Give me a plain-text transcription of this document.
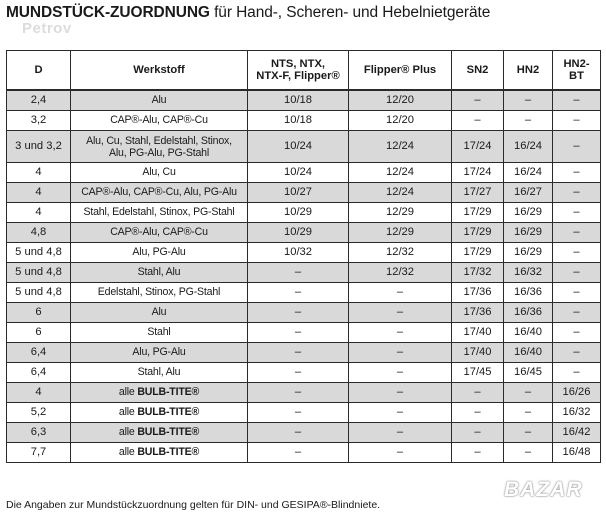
MUNDSTÜCK-ZUORDNUNG für Hand-, Scheren- und Hebelnietgeräte
Petrov
D	Werkstoff	NTS, NTX,
NTX-F, Flipper®	Flipper® Plus	SN2	HN2	HN2-
BT
2,4	Alu	10/18	12/20	–	–	–
3,2	CAP®-Alu, CAP®-Cu	10/18	12/20	–	–	–
3 und 3,2	Alu, Cu, Stahl, Edelstahl, Stinox,
Alu, PG-Alu, PG-Stahl	10/24	12/24	17/24	16/24	–
4	Alu, Cu	10/24	12/24	17/24	16/24	–
4	CAP®-Alu, CAP®-Cu, Alu, PG-Alu	10/27	12/24	17/27	16/27	–
4	Stahl, Edelstahl, Stinox, PG-Stahl	10/29	12/29	17/29	16/29	–
4,8	CAP®-Alu, CAP®-Cu	10/29	12/29	17/29	16/29	–
5 und 4,8	Alu, PG-Alu	10/32	12/32	17/29	16/29	–
5 und 4,8	Stahl, Alu	–	12/32	17/32	16/32	–
5 und 4,8	Edelstahl, Stinox, PG-Stahl	–	–	17/36	16/36	–
6	Alu	–	–	17/36	16/36	–
6	Stahl	–	–	17/40	16/40	–
6,4	Alu, PG-Alu	–	–	17/40	16/40	–
6,4	Stahl, Alu	–	–	17/45	16/45	–
4	alle BULB-TITE®	–	–	–	–	16/26
5,2	alle BULB-TITE®	–	–	–	–	16/32
6,3	alle BULB-TITE®	–	–	–	–	16/42
7,7	alle BULB-TITE®	–	–	–	–	16/48
Die Angaben zur Mundstückzuordnung gelten für DIN- und GESIPA®-Blindniete.
BAZAR
